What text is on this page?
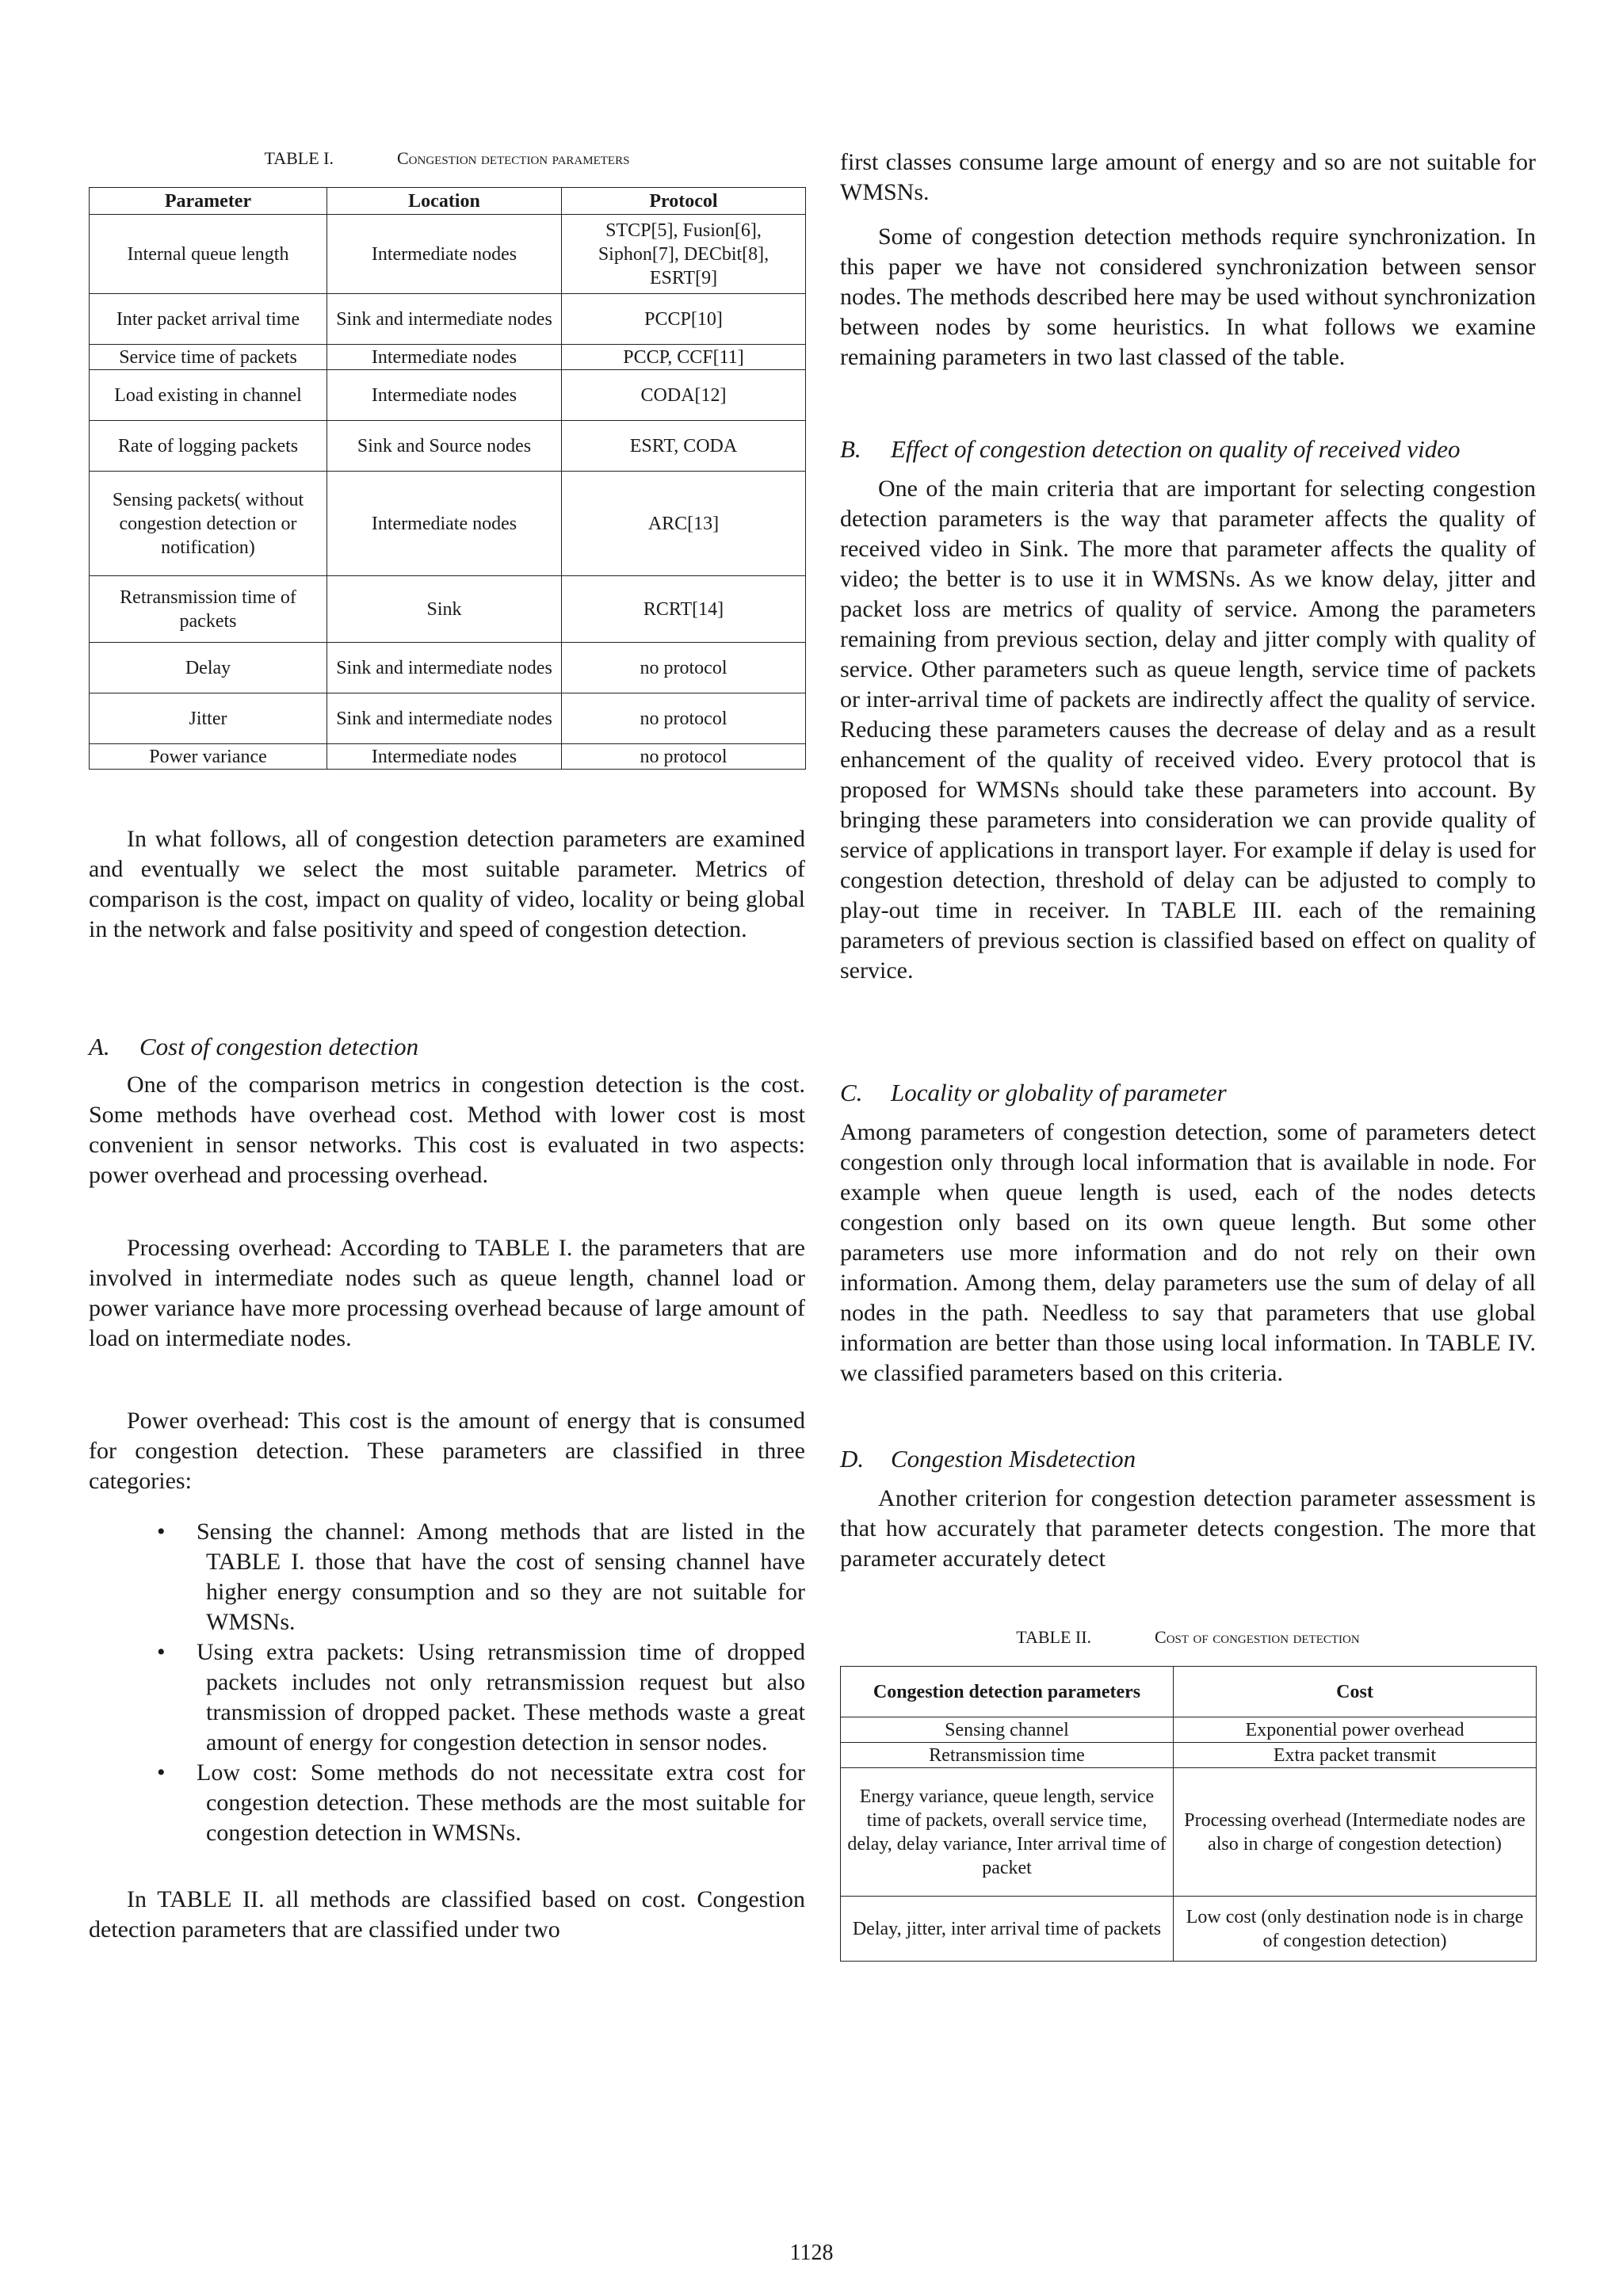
TABLE I.	Congestion detection parameters
Parameter	Location	Protocol
Internal queue length	Intermediate nodes	STCP[5], Fusion[6], Siphon[7], DECbit[8], ESRT[9]
Inter packet arrival time	Sink and intermediate nodes	PCCP[10]
Service time of packets	Intermediate nodes	PCCP, CCF[11]
Load existing in channel	Intermediate nodes	CODA[12]
Rate of logging packets	Sink and Source nodes	ESRT, CODA
Sensing packets( without congestion detection or notification)	Intermediate nodes	ARC[13]
Retransmission time of packets	Sink	RCRT[14]
Delay	Sink and intermediate nodes	no protocol
Jitter	Sink and intermediate nodes	no protocol
Power variance	Intermediate nodes	no protocol

In what follows, all of congestion detection parameters are examined and eventually we select the most suitable parameter. Metrics of comparison is the cost, impact on quality of video, locality or being global in the network and false positivity and speed of congestion detection.

A. Cost of congestion detection

One of the comparison metrics in congestion detection is the cost. Some methods have overhead cost. Method with lower cost is most convenient in sensor networks. This cost is evaluated in two aspects: power overhead and processing overhead.

Processing overhead: According to TABLE I. the parameters that are involved in intermediate nodes such as queue length, channel load or power variance have more processing overhead because of large amount of load on intermediate nodes.

Power overhead: This cost is the amount of energy that is consumed for congestion detection. These parameters are classified in three categories:

• Sensing the channel: Among methods that are listed in the TABLE I. those that have the cost of sensing channel have higher energy consumption and so they are not suitable for WMSNs.
• Using extra packets: Using retransmission time of dropped packets includes not only retransmission request but also transmission of dropped packet. These methods waste a great amount of energy for congestion detection in sensor nodes.
• Low cost: Some methods do not necessitate extra cost for congestion detection. These methods are the most suitable for congestion detection in WMSNs.

In TABLE II. all methods are classified based on cost. Congestion detection parameters that are classified under two

first classes consume large amount of energy and so are not suitable for WMSNs.

Some of congestion detection methods require synchronization. In this paper we have not considered synchronization between sensor nodes. The methods described here may be used without synchronization between nodes by some heuristics. In what follows we examine remaining parameters in two last classed of the table.

B. Effect of congestion detection on quality of received video

One of the main criteria that are important for selecting congestion detection parameters is the way that parameter affects the quality of received video in Sink. The more that parameter affects the quality of video; the better is to use it in WMSNs. As we know delay, jitter and packet loss are metrics of quality of service. Among the parameters remaining from previous section, delay and jitter comply with quality of service. Other parameters such as queue length, service time of packets or inter-arrival time of packets are indirectly affect the quality of service. Reducing these parameters causes the decrease of delay and as a result enhancement of the quality of received video. Every protocol that is proposed for WMSNs should take these parameters into account. By bringing these parameters into consideration we can provide quality of service of applications in transport layer. For example if delay is used for congestion detection, threshold of delay can be adjusted to comply to play-out time in receiver. In TABLE III. each of the remaining parameters of previous section is classified based on effect on quality of service.

C. Locality or globality of parameter

Among parameters of congestion detection, some of parameters detect congestion only through local information that is available in node. For example when queue length is used, each of the nodes detects congestion only based on its own queue length. But some other parameters use more information and do not rely on their own information. Among them, delay parameters use the sum of delay of all nodes in the path. Needless to say that parameters that use global information are better than those using local information. In TABLE IV. we classified parameters based on this criteria.

D. Congestion Misdetection

Another criterion for congestion detection parameter assessment is that how accurately that parameter detects congestion. The more that parameter accurately detect

TABLE II.	Cost of congestion detection
Congestion detection parameters	Cost
Sensing channel	Exponential power overhead
Retransmission time	Extra packet transmit
Energy variance, queue length, service time of packets, overall service time, delay, delay variance, Inter arrival time of packet	Processing overhead (Intermediate nodes are also in charge of congestion detection)
Delay, jitter, inter arrival time of packets	Low cost (only destination node is in charge of congestion detection)
1128
